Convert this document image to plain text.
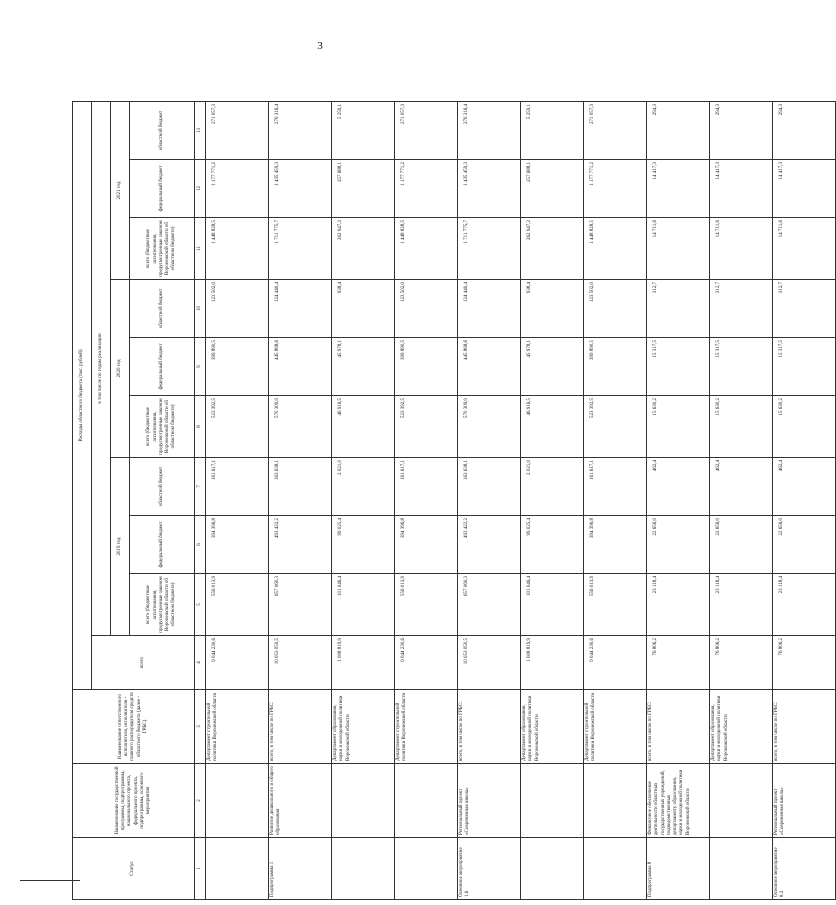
3
Статус	Наименование государственной программы, подпрограммы, национального проекта, федерального проекта, подпрограммы, основного мероприятия	Наименование ответственного исполнителя, исполнителя - главного распорядителя средств областного бюджета (далее - ГРБС)	Расходы областного бюджета (тыс. рублей)										
			всего	в том числе по годам реализации									
				2019 год			2020 год			2021 год			
				всего (бюджетные ассигнования, предусмотренные законом Воронежской области об областном бюджете)	федеральный бюджет	областной бюджет	всего (бюджетные ассигнования, предусмотренные законом Воронежской области об областном бюджете)	федеральный бюджет	областной бюджет	всего (бюджетные ассигнования, предусмотренные законом Воронежской области об областном бюджете)	федеральный бюджет	областной бюджет	
1	2	3	4	5	6	7	8	9	10	11	12	13	
		Департамент строительной политики Воронежской области	9 044 230,6	556 013,9	394 396,8	161 617,1	523 392,5	399 890,5	123 502,0	1 448 828,5	1 177 771,2	271 057,3	
Подпрограмма 1	Развитие дошкольного и общего образования	всего, в том числе по ГРБС:	10 053 050,5	657 060,3	493 422,2	163 638,1	570 309,0	445 868,6	124 440,4	1 711 775,7	1 435 459,3	276 316,4	
		Департамент образования, науки и молодежной политики Воронежской области	1 008 819,9	101 046,4	99 025,4	2 021,0	46 916,5	45 978,1	938,4	262 947,2	257 688,1	5 259,1	
		Департамент строительной политики Воронежской области	9 044 230,6	556 013,9	394 396,8	161 617,1	523 392,5	399 890,5	123 502,0	1 448 828,5	1 177 771,2	271 057,3	
Основное мероприятие 1.6	Региональный проект «Современная школа»	всего, в том числе по ГРБС:	10 053 050,5	657 060,3	493 422,2	163 638,1	570 309,0	445 868,6	124 440,4	1 711 775,7	1 435 459,3	276 316,4	
		Департамент образования, науки и молодежной политики Воронежской области	1 008 819,9	101 046,4	99 025,4	2 021,0	46 916,5	45 978,1	938,4	262 947,2	257 688,1	5 259,1	
		Департамент строительной политики Воронежской области	9 044 230,6	556 013,9	394 396,8	161 617,1	523 392,5	399 890,5	123 502,0	1 448 828,5	1 177 771,2	271 057,3	
Подпрограмма 8	Финансовое обеспечение деятельности областных государственных учреждений, подведомственных департаменту образования, науки и молодежной политики Воронежской области	всего, в том числе по ГРБС:	76 806,2	23 118,4	22 656,0	462,4	15 630,2	15 317,5	312,7	14 711,6	14 417,3	294,3	
		Департамент образования, науки и молодежной политики Воронежской области	76 806,2	23 118,4	22 656,0	462,4	15 630,2	15 317,5	312,7	14 711,6	14 417,3	294,3	
Основное мероприятие 8.2	Региональный проект «Современная школа»	всего, в том числе по ГРБС:	76 806,2	23 118,4	22 656,0	462,4	15 630,2	15 317,5	312,7	14 711,6	14 417,3	294,3	
